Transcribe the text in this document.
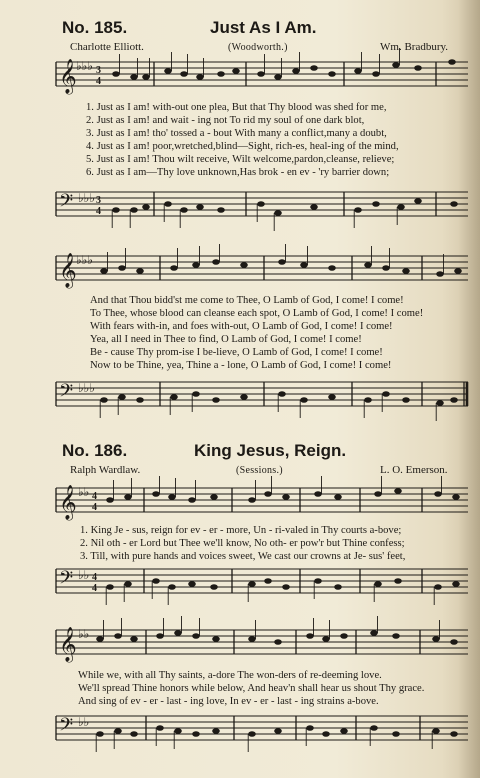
No. 185.	Just As I Am.
Charlotte Elliott.	(Woodworth.)	Wm. Bradbury.
𝄞 ♭♭♭ 3
4
1. Just as I am! with-out one plea, But that Thy blood was shed for me,
2. Just as I am! and wait - ing not To rid my soul of one dark blot,
3. Just as I am! tho' tossed a - bout With many a conflict,many a doubt,
4. Just as I am! poor,wretched,blind—Sight, rich-es, heal-ing of the mind,
5. Just as I am! Thou wilt receive, Wilt welcome,pardon,cleanse, relieve;
6. Just as I am—Thy love unknown,Has brok - en ev - 'ry barrier down;
𝄢 ♭♭♭ 3
4
𝄞 ♭♭♭
And that Thou bidd'st me come to Thee, O Lamb of God, I come! I come!
To Thee, whose blood can cleanse each spot, O Lamb of God, I come! I come!
With fears with-in, and foes with-out, O Lamb of God, I come! I come!
Yea, all I need in Thee to find, O Lamb of God, I come! I come!
Be - cause Thy prom-ise I be-lieve, O Lamb of God, I come! I come!
Now to be Thine, yea, Thine a - lone, O Lamb of God, I come! I come!
𝄢 ♭♭♭
No. 186.	King Jesus, Reign.
Ralph Wardlaw.	(Sessions.)	L. O. Emerson.
𝄞 ♭♭ 4
4
1. King Je - sus, reign for ev - er - more, Un - ri-valed in Thy courts a-bove;
2. Nil oth - er Lord but Thee we'll know, No oth- er pow'r but Thine confess;
3. Till, with pure hands and voices sweet, We cast our crowns at Je- sus' feet,
𝄢 ♭♭ 4
4
𝄞 ♭♭
While we, with all Thy saints, a-dore The won-ders of re-deeming love.
We'll spread Thine honors while below, And heav'n shall hear us shout Thy grace.
And sing of ev - er - last - ing love, In ev - er - last - ing strains a-bove.
𝄢 ♭♭
